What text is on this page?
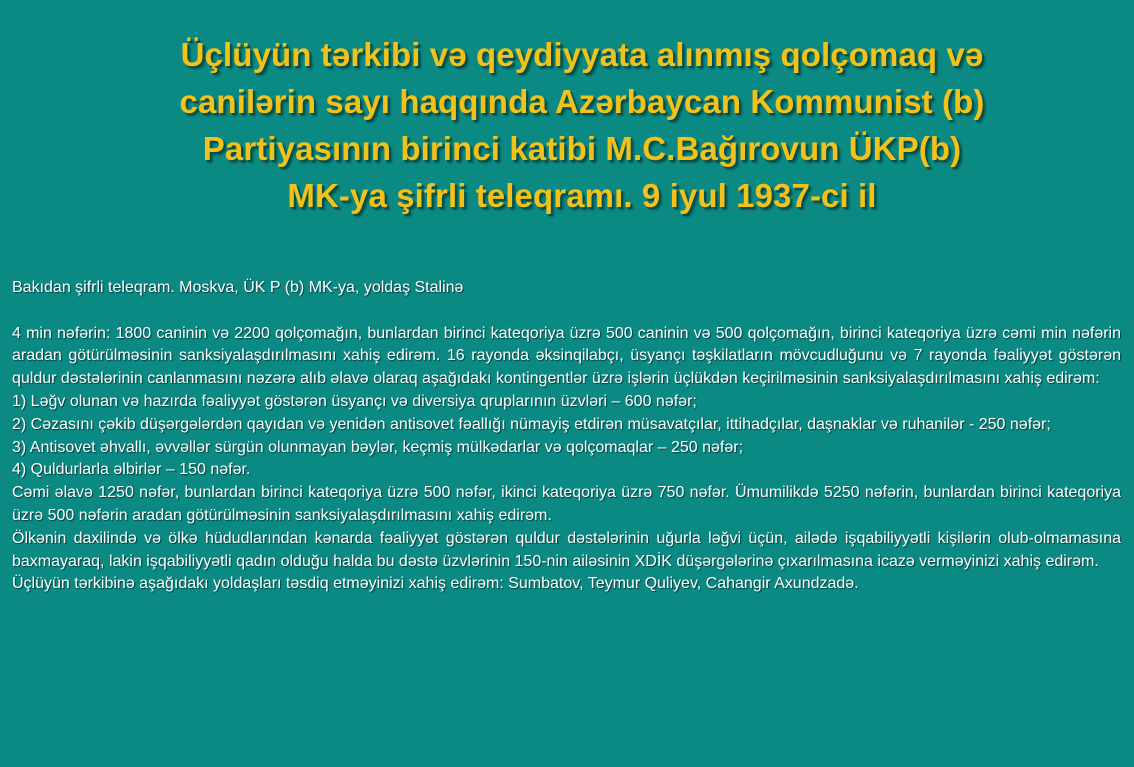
Üçlüyün tərkibi və qeydiyyata alınmış qolçomaq və
canilərin sayı haqqında Azərbaycan Kommunist (b)
Partiyasının birinci katibi M.C.Bağırovun ÜKP(b)
MK-ya şifrli teleqramı. 9 iyul 1937-ci il

Bakıdan şifrli teleqram. Moskva, ÜK P (b) MK-ya, yoldaş Stalinə

4 min nəfərin: 1800 caninin və 2200 qolçomağın, bunlardan birinci kateqoriya üzrə 500 caninin və 500 qolçomağın, birinci kateqoriya üzrə cəmi min nəfərin aradan götürülməsinin sanksiyalaşdırılmasını xahiş edirəm. 16 rayonda əksinqilabçı, üsyançı təşkilatların mövcudluğunu və 7 rayonda fəaliyyət göstərən quldur dəstələrinin canlanmasını nəzərə alıb əlavə olaraq aşağıdakı kontingentlər üzrə işlərin üçlükdən keçirilməsinin sanksiyalaşdırılmasını xahiş edirəm:

1) Ləğv olunan və hazırda fəaliyyət göstərən üsyançı və diversiya qruplarının üzvləri – 600 nəfər;

2) Cəzasını çəkib düşərgələrdən qayıdan və yenidən antisovet fəallığı nümayiş etdirən müsavatçılar, ittihadçılar, daşnaklar və ruhanilər - 250 nəfər;

3) Antisovet əhvallı, əvvəllər sürgün olunmayan bəylər, keçmiş mülkədarlar və qolçomaqlar – 250 nəfər;

4) Quldurlarla əlbirlər – 150 nəfər.

Cəmi əlavə 1250 nəfər, bunlardan birinci kateqoriya üzrə 500 nəfər, ikinci kateqoriya üzrə 750 nəfər. Ümumilikdə 5250 nəfərin, bunlardan birinci kateqoriya üzrə 500 nəfərin aradan götürülməsinin sanksiyalaşdırılmasını xahiş edirəm.

Ölkənin daxilində və ölkə hüdudlarından kənarda fəaliyyət göstərən quldur dəstələrinin uğurla ləğvi üçün, ailədə işqabiliyyətli kişilərin olub-olmamasına baxmayaraq, lakin işqabiliyyətli qadın olduğu halda bu dəstə üzvlərinin 150-nin ailəsinin XDİK düşərgələrinə çıxarılmasına icazə verməyinizi xahiş edirəm.

Üçlüyün tərkibinə aşağıdakı yoldaşları təsdiq etməyinizi xahiş edirəm: Sumbatov, Teymur Quliyev, Cahangir Axundzadə.
